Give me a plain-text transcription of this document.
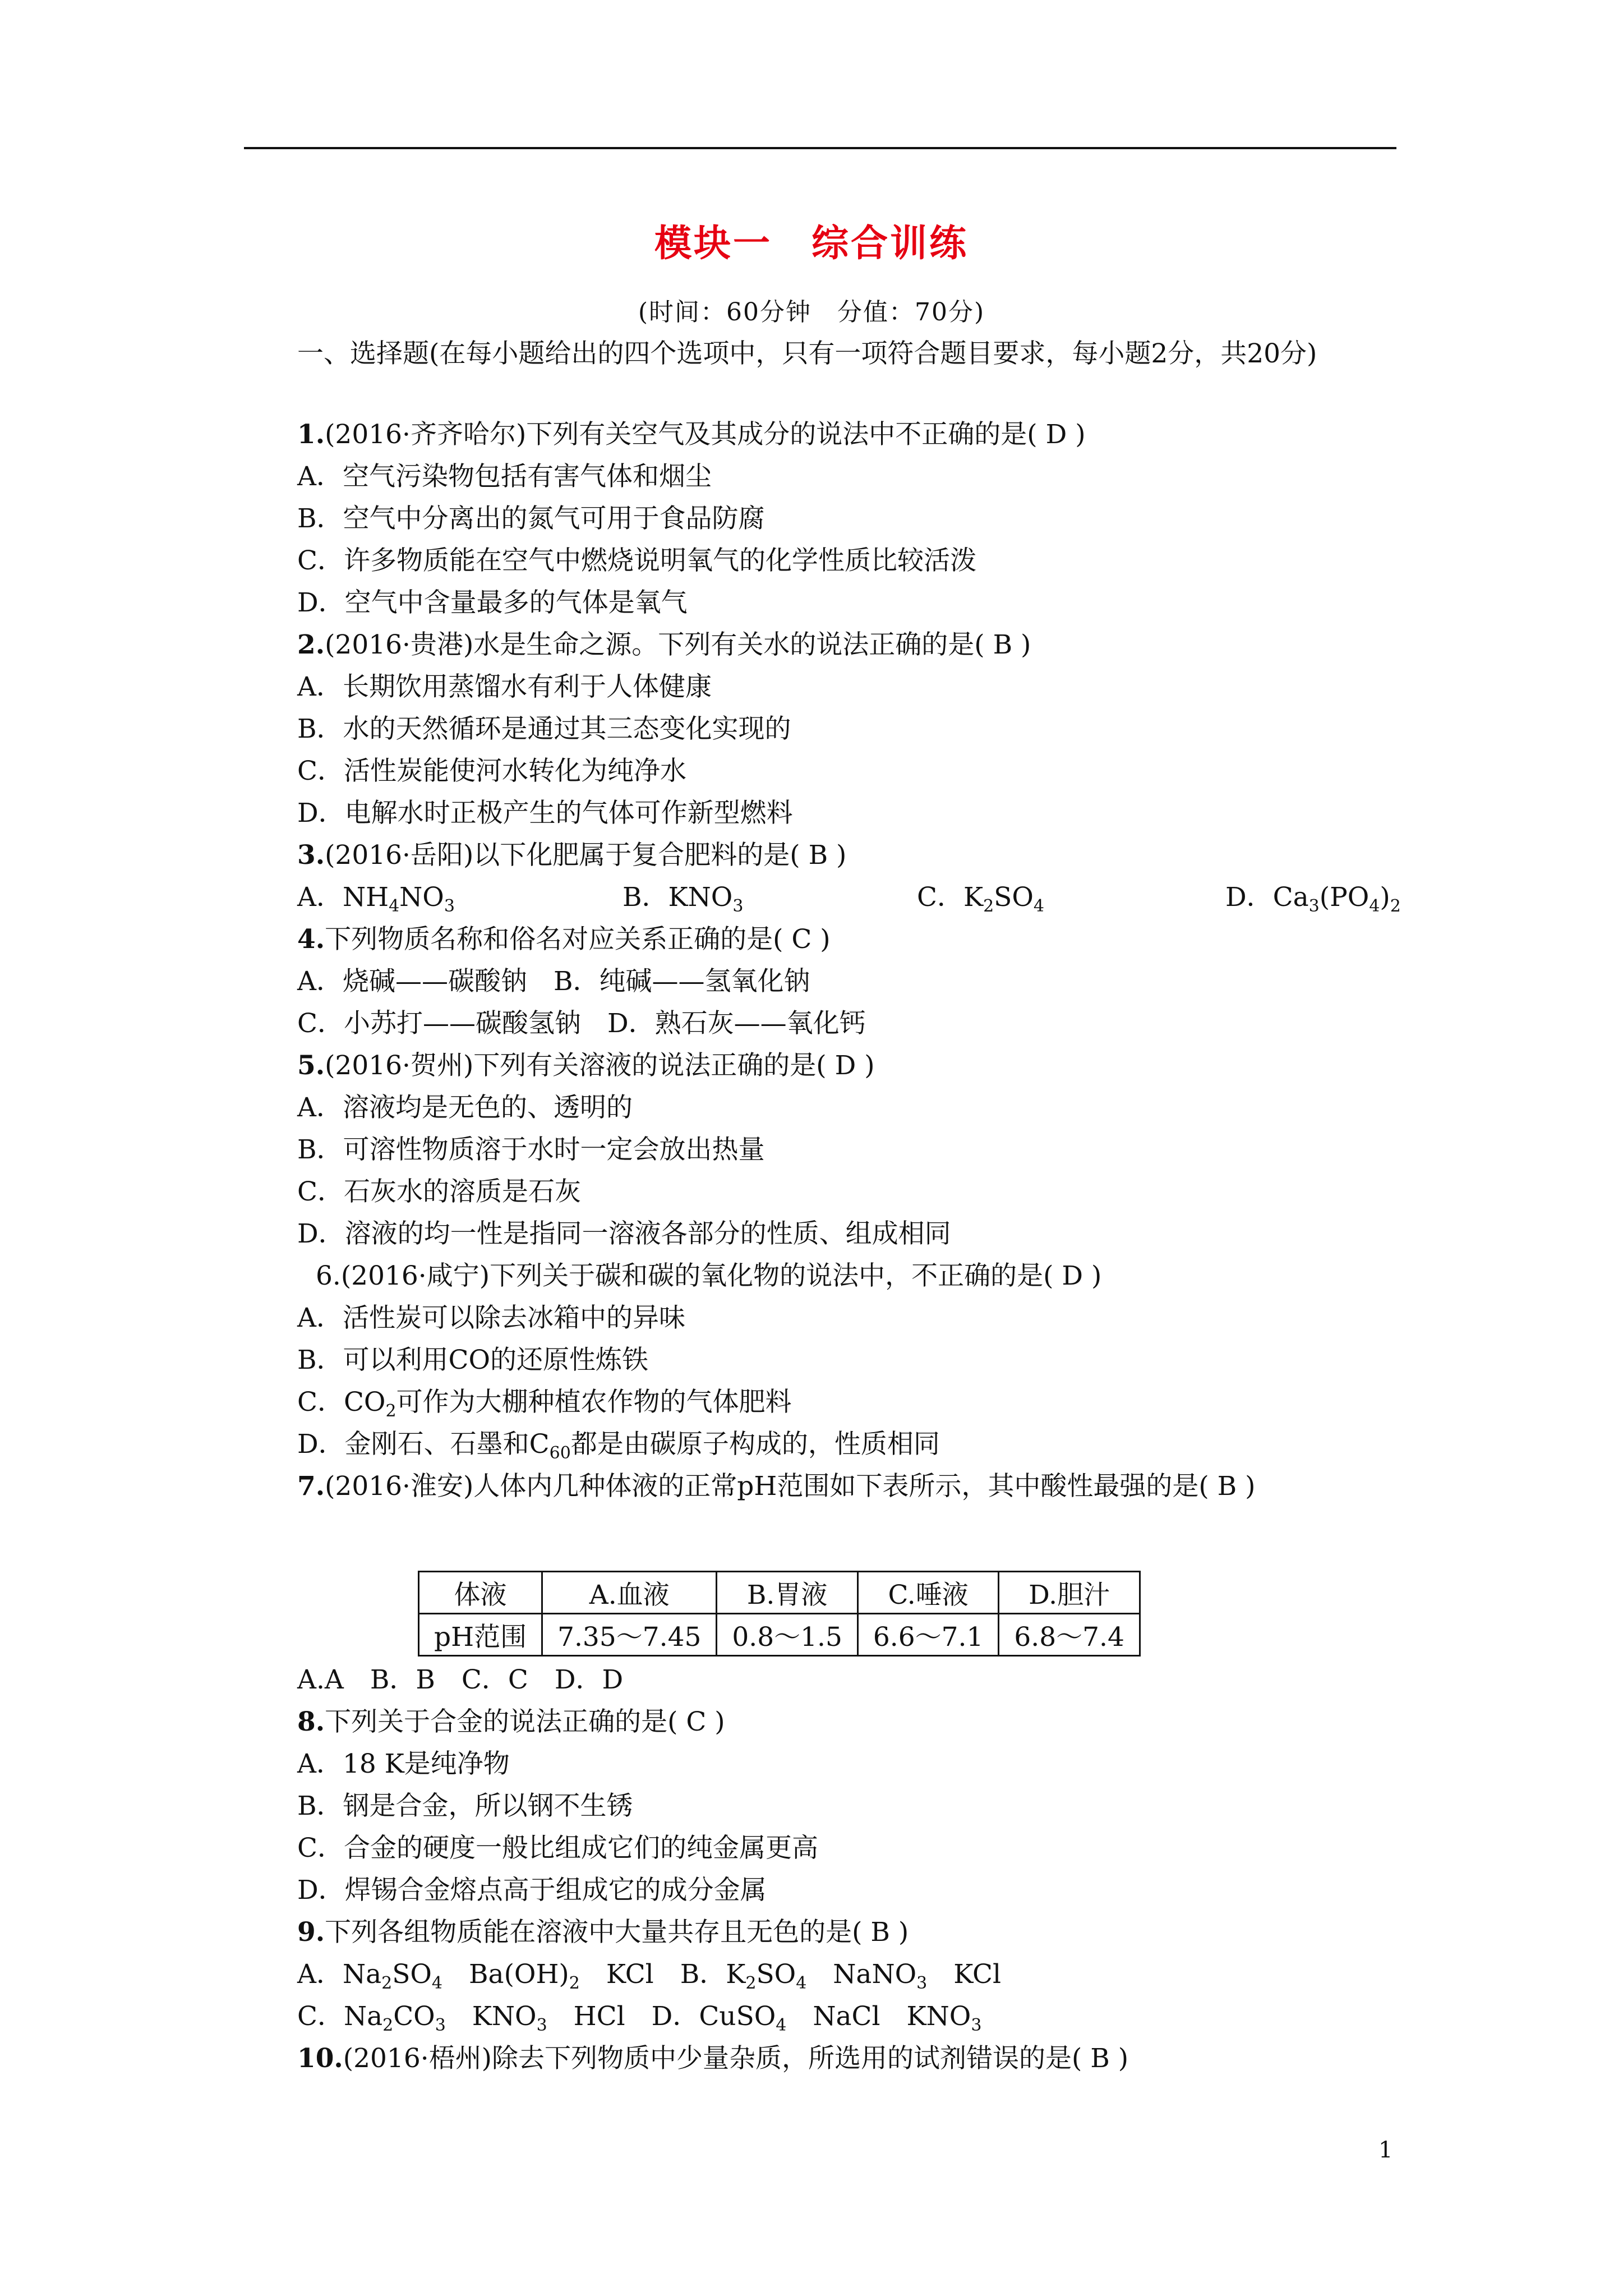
模块一 综合训练
(时间：60分钟　分值：70分)
一、选择题(在每小题给出的四个选项中，只有一项符合题目要求，每小题2分，共20分)
1.(2016·齐齐哈尔)下列有关空气及其成分的说法中不正确的是( D )
A．空气污染物包括有害气体和烟尘
B．空气中分离出的氮气可用于食品防腐
C．许多物质能在空气中燃烧说明氧气的化学性质比较活泼
D．空气中含量最多的气体是氧气
2.(2016·贵港)水是生命之源。下列有关水的说法正确的是( B )
A．长期饮用蒸馏水有利于人体健康
B．水的天然循环是通过其三态变化实现的
C．活性炭能使河水转化为纯净水
D．电解水时正极产生的气体可作新型燃料
3.(2016·岳阳)以下化肥属于复合肥料的是( B )
A．$NH_4NO_3$	B．$KNO_3$	C．$K_2SO_4$	D．$Ca_3(PO_4)_2$
4.下列物质名称和俗名对应关系正确的是( C )
A．烧碱——碳酸钠　B．纯碱——氢氧化钠
C．小苏打——碳酸氢钠　D．熟石灰——氧化钙
5.(2016·贺州)下列有关溶液的说法正确的是( D )
A．溶液均是无色的、透明的
B．可溶性物质溶于水时一定会放出热量
C．石灰水的溶质是石灰
D．溶液的均一性是指同一溶液各部分的性质、组成相同
6.(2016·咸宁)下列关于碳和碳的氧化物的说法中，不正确的是( D )
A．活性炭可以除去冰箱中的异味
B．可以利用CO的还原性炼铁
C．$CO_2$可作为大棚种植农作物的气体肥料
D．金刚石、石墨和$C_{60}$都是由碳原子构成的，性质相同
7.(2016·淮安)人体内几种体液的正常pH范围如下表所示，其中酸性最强的是( B )
体液	A.血液	B.胃液	C.唾液	D.胆汁
pH范围	7.35～7.45	0.8～1.5	6.6～7.1	6.8～7.4
A.A　B．B　C．C　D．D
8.下列关于合金的说法正确的是( C )
A．18 K是纯净物
B．钢是合金，所以钢不生锈
C．合金的硬度一般比组成它们的纯金属更高
D．焊锡合金熔点高于组成它的成分金属
9.下列各组物质能在溶液中大量共存且无色的是( B )
A．$Na_2SO_4$　$Ba(OH)_2$　KCl　B．$K_2SO_4$　NaNO$_3$　KCl
C．$Na_2CO_3$　$KNO_3$　HCl　D．CuSO$_4$　NaCl　$KNO_3$
10.(2016·梧州)除去下列物质中少量杂质，所选用的试剂错误的是( B )
1
